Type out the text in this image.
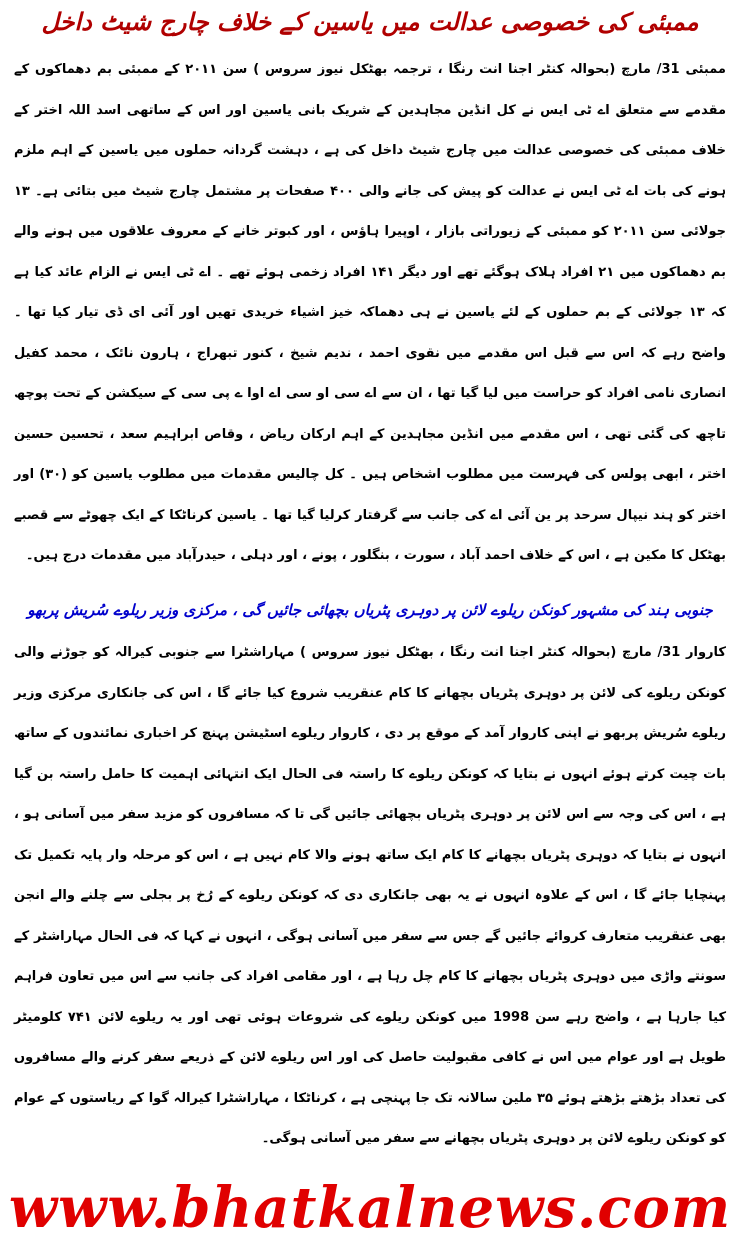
ممبئی کی خصوصی عدالت میں یاسین کے خلاف چارج شیٹ داخل

ممبئی 31/ مارچ (بحوالہ کنٹر اجنا انت رنگا ، ترجمہ بھٹکل نیوز سروس ) سن ۲۰۱۱ کے ممبئی بم دھماکوں کے مقدمے سے متعلق اے ٹی ایس نے کل انڈین مجاہدین کے شریک بانی یاسین اور اس کے ساتھی اسد اللہ اختر کے خلاف ممبئی کی خصوصی عدالت میں چارج شیٹ داخل کی ہے ، دہشت گردانہ حملوں میں یاسین کے اہم ملزم ہونے کی بات اے ٹی ایس نے عدالت کو پیش کی جانے والی ۴۰۰ صفحات پر مشتمل چارج شیٹ میں بتائی ہے۔ ۱۳ جولائی سن ۲۰۱۱ کو ممبئی کے زیوراتی بازار ، اوپیرا ہاؤس ، اور کبوتر خانے کے معروف علاقوں میں ہونے والے بم دھماکوں میں ۲۱ افراد ہلاک ہوگئے تھے اور دیگر ۱۴۱ افراد زخمی ہوئے تھے ۔ اے ٹی ایس نے الزام عائد کیا ہے کہ ۱۳ جولائی کے بم حملوں کے لئے یاسین نے ہی دھماکہ خیز اشیاء خریدی تھیں اور آئی ای ڈی تیار کیا تھا ۔ واضح رہے کہ اس سے قبل اس مقدمے میں نقوی احمد ، ندیم شیخ ، کنور تبھراج ، ہارون نائک ، محمد کفیل انصاری نامی افراد کو حراست میں لیا گیا تھا ، ان سے اے سی او سی اے اوا ے پی سی کے سیکشن کے تحت پوچھ تاچھ کی گئی تھی ، اس مقدمے میں انڈین مجاہدین کے اہم ارکان ریاض ، وقاص ابراہیم سعد ، تحسین حسین اختر ، ابھی پولس کی فہرست میں مطلوب اشخاص ہیں ۔ کل چالیس مقدمات میں مطلوب یاسین کو (۳۰) اور اختر کو ہند نیپال سرحد پر ین آئی اے کی جانب سے گرفتار کرلیا گیا تھا ۔ یاسین کرناٹکا کے ایک چھوٹے سے قصبے بھٹکل کا مکین ہے ، اس کے خلاف احمد آباد ، سورت ، بنگلور ، پونے ، اور دہلی ، حیدرآباد میں مقدمات درج ہیں۔

جنوبی ہند کی مشہور کونکن ریلوے لائن پر دوہری پٹریاں بچھائی جائیں گی ، مرکزی وزیر ریلوے سُریش پربھو

کاروار 31/ مارچ (بحوالہ کنٹر اجنا انت رنگا ، بھٹکل نیوز سروس ) مہاراشٹرا سے جنوبی کیرالہ کو جوڑنے والی کونکن ریلوے کی لائن پر دوہری پٹریاں بچھانے کا کام عنقریب شروع کیا جائے گا ، اس کی جانکاری مرکزی وزیر ریلوے سُریش پربھو نے اپنی کاروار آمد کے موقع پر دی ، کاروار ریلوے اسٹیشن پہنچ کر اخباری نمائندوں کے ساتھ بات چیت کرتے ہوئے انہوں نے بتایا کہ کونکن ریلوے کا راستہ فی الحال ایک انتہائی اہمیت کا حامل راستہ بن گیا ہے ، اس کی وجہ سے اس لائن پر دوہری پٹریاں بچھائی جائیں گی تا کہ مسافروں کو مزید سفر میں آسانی ہو ، انہوں نے بتایا کہ دوہری پٹریاں بچھانے کا کام ایک ساتھ ہونے والا کام نہیں ہے ، اس کو مرحلہ وار پایہ تکمیل تک پہنچایا جائے گا ، اس کے علاوہ انہوں نے یہ بھی جانکاری دی کہ کونکن ریلوے کے رُخ پر بجلی سے چلنے والے انجن بھی عنقریب متعارف کروائے جائیں گے جس سے سفر میں آسانی ہوگی ، انہوں نے کہا کہ فی الحال مہاراشٹر کے سونتے واڑی میں دوہری پٹریاں بچھانے کا کام چل رہا ہے ، اور مقامی افراد کی جانب سے اس میں تعاون فراہم کیا جارہا ہے ، واضح رہے سن 1998 میں کونکن ریلوے کی شروعات ہوئی تھی اور یہ ریلوے لائن ۷۴۱ کلومیٹر طویل ہے اور عوام میں اس نے کافی مقبولیت حاصل کی اور اس ریلوے لائن کے ذریعے سفر کرنے والے مسافروں کی تعداد بڑھتے بڑھتے ہوئے ۳۵ ملین سالانہ تک جا پہنچی ہے ، کرناٹکا ، مہاراشٹرا کیرالہ گوا کے ریاستوں کے عوام کو کونکن ریلوے لائن پر دوہری پٹریاں بچھانے سے سفر میں آسانی ہوگی۔

www.bhatkalnews.com
